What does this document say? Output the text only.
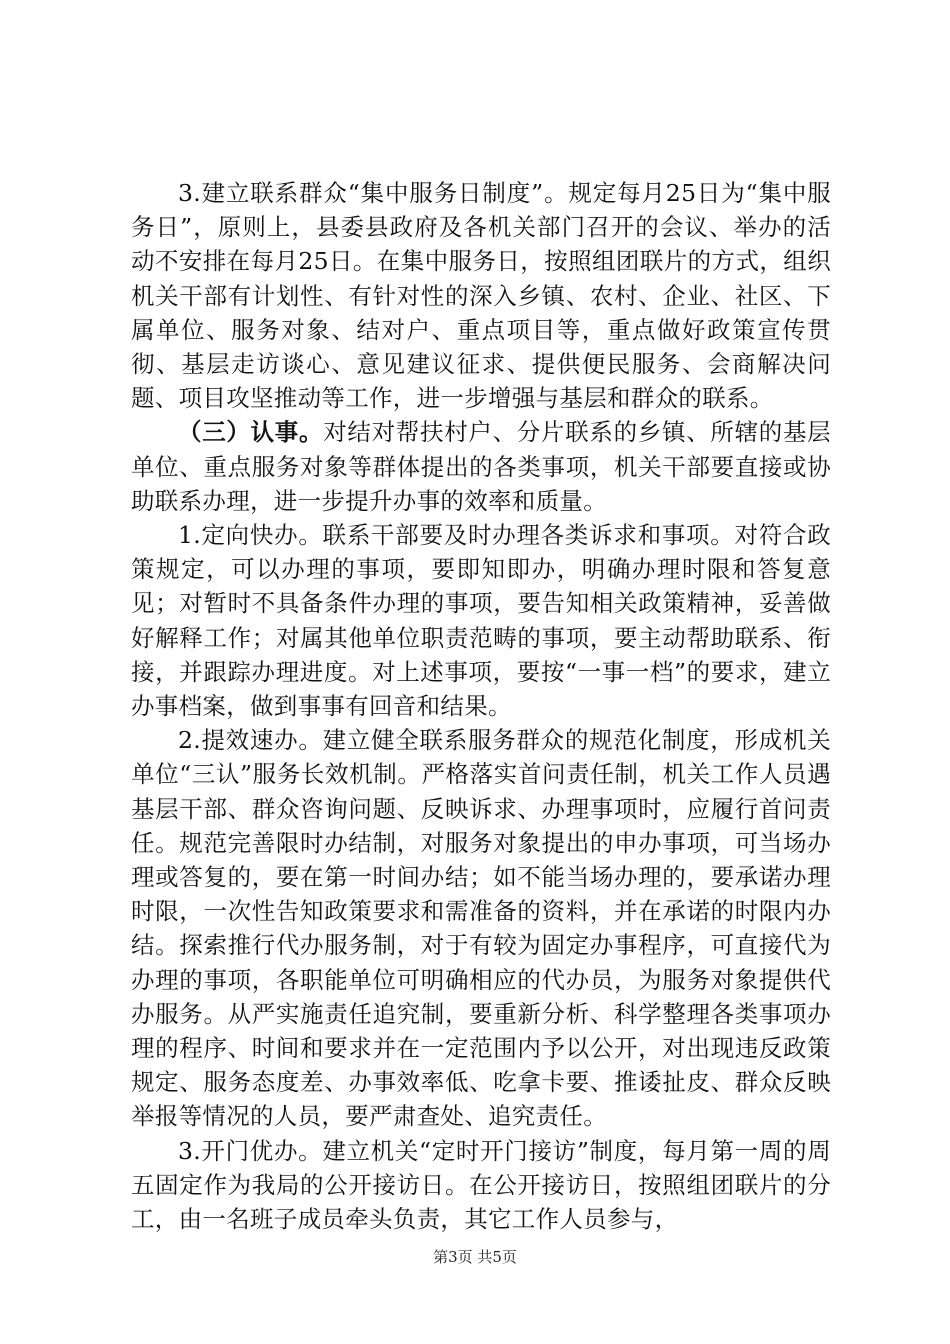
3.建立联系群众“集中服务日制度”。规定每月25日为“集中服务日”，原则上，县委县政府及各机关部门召开的会议、举办的活动不安排在每月25日。在集中服务日，按照组团联片的方式，组织机关干部有计划性、有针对性的深入乡镇、农村、企业、社区、下属单位、服务对象、结对户、重点项目等，重点做好政策宣传贯彻、基层走访谈心、意见建议征求、提供便民服务、会商解决问题、项目攻坚推动等工作，进一步增强与基层和群众的联系。

（三）认事。对结对帮扶村户、分片联系的乡镇、所辖的基层单位、重点服务对象等群体提出的各类事项，机关干部要直接或协助联系办理，进一步提升办事的效率和质量。

1.定向快办。联系干部要及时办理各类诉求和事项。对符合政策规定，可以办理的事项，要即知即办，明确办理时限和答复意见；对暂时不具备条件办理的事项，要告知相关政策精神，妥善做好解释工作；对属其他单位职责范畴的事项，要主动帮助联系、衔接，并跟踪办理进度。对上述事项，要按“一事一档”的要求，建立办事档案，做到事事有回音和结果。

2.提效速办。建立健全联系服务群众的规范化制度，形成机关单位“三认”服务长效机制。严格落实首问责任制，机关工作人员遇基层干部、群众咨询问题、反映诉求、办理事项时，应履行首问责任。规范完善限时办结制，对服务对象提出的申办事项，可当场办理或答复的，要在第一时间办结；如不能当场办理的，要承诺办理时限，一次性告知政策要求和需准备的资料，并在承诺的时限内办结。探索推行代办服务制，对于有较为固定办事程序，可直接代为办理的事项，各职能单位可明确相应的代办员，为服务对象提供代办服务。从严实施责任追究制，要重新分析、科学整理各类事项办理的程序、时间和要求并在一定范围内予以公开，对出现违反政策规定、服务态度差、办事效率低、吃拿卡要、推诿扯皮、群众反映举报等情况的人员，要严肃查处、追究责任。

3.开门优办。建立机关“定时开门接访”制度，每月第一周的周五固定作为我局的公开接访日。在公开接访日，按照组团联片的分工，由一名班子成员牵头负责，其它工作人员参与，

第3页 共5页
